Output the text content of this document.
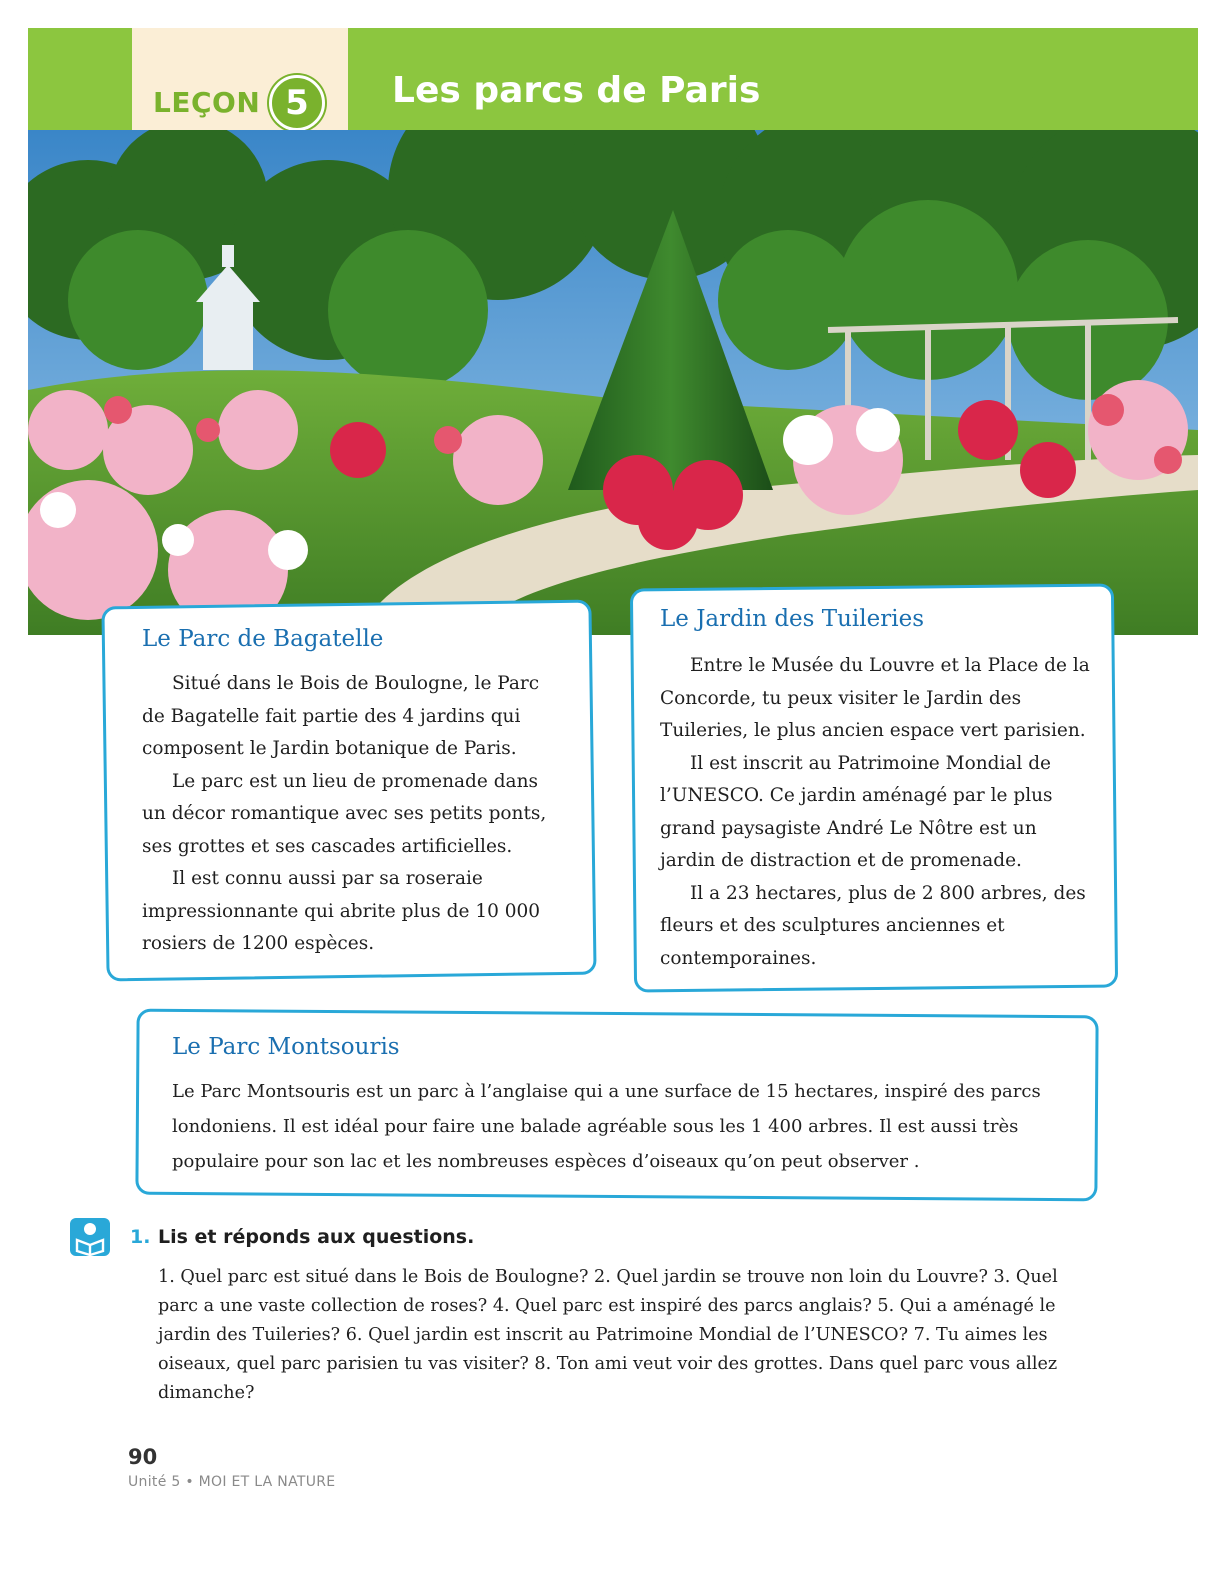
LEÇON 5	Les parcs de Paris
Le Parc de Bagatelle

Situé dans le Bois de Boulogne, le Parc de Bagatelle fait partie des 4 jardins qui composent le Jardin botanique de Paris.

Le parc est un lieu de promenade dans un décor romantique avec ses petits ponts, ses grottes et ses cascades artificielles.

Il est connu aussi par sa roseraie impressionnante qui abrite plus de 10 000 rosiers de 1200 espèces.

Le Jardin des Tuileries

Entre le Musée du Louvre et la Place de la Concorde, tu peux visiter le Jardin des Tuileries, le plus ancien espace vert parisien.

Il est inscrit au Patrimoine Mondial de l’UNESCO. Ce jardin aménagé par le plus grand paysagiste André Le Nôtre est un jardin de distraction et de promenade.

Il a 23 hectares, plus de 2 800 arbres, des fleurs et des sculptures anciennes et contemporaines.

Le Parc Montsouris
Le Parc Montsouris est un parc à l’anglaise qui a une surface de 15 hectares, inspiré des parcs londoniens. Il est idéal pour faire une balade agréable sous les 1 400 arbres. Il est aussi très populaire pour son lac et les nombreuses espèces d’oiseaux qu’on peut observer .
1. Lis et réponds aux questions.
1. Quel parc est situé dans le Bois de Boulogne? 2. Quel jardin se trouve non loin du Louvre? 3. Quel parc a une vaste collection de roses? 4. Quel parc est inspiré des parcs anglais? 5. Qui a aménagé le jardin des Tuileries? 6. Quel jardin est inscrit au Patrimoine Mondial de l’UNESCO? 7. Tu aimes les oiseaux, quel parc parisien tu vas visiter? 8. Ton ami veut voir des grottes. Dans quel parc vous allez dimanche?
90
Unité 5 • MOI ET LA NATURE
